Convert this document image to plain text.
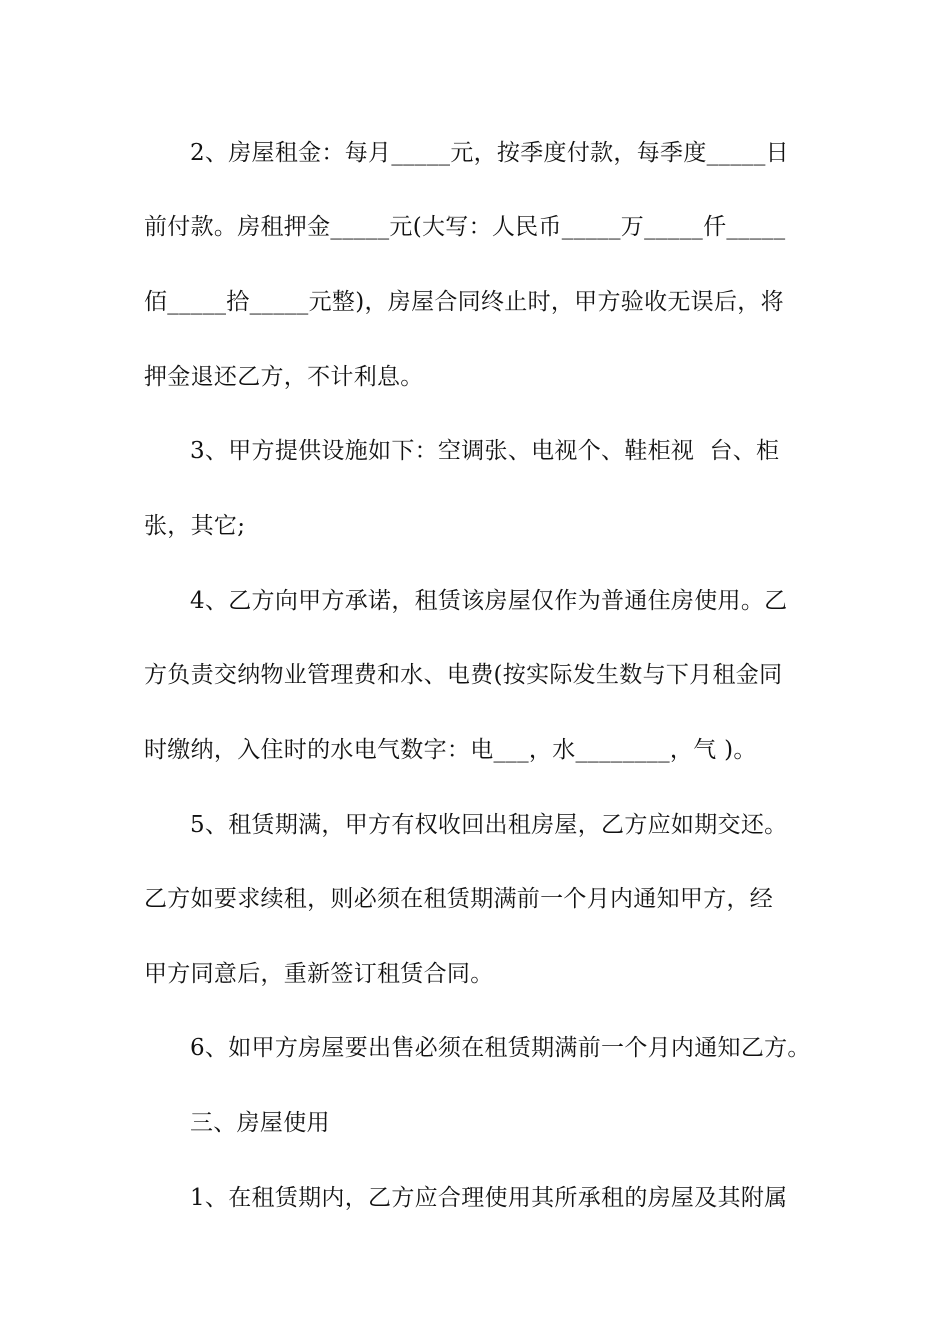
2、房屋租金：每月_____元，按季度付款，每季度_____日
前付款。房租押金_____元(大写：人民币_____万_____仟_____
佰_____拾_____元整)，房屋合同终止时，甲方验收无误后，将
押金退还乙方，不计利息。
3、甲方提供设施如下：空调张、电视个、鞋柜视  台、柜
张，其它;
4、乙方向甲方承诺，租赁该房屋仅作为普通住房使用。乙
方负责交纳物业管理费和水、电费(按实际发生数与下月租金同
时缴纳，入住时的水电气数字：电___，水________，气 )。
5、租赁期满，甲方有权收回出租房屋，乙方应如期交还。
乙方如要求续租，则必须在租赁期满前一个月内通知甲方，经
甲方同意后，重新签订租赁合同。
6、如甲方房屋要出售必须在租赁期满前一个月内通知乙方。
三、房屋使用
1、在租赁期内，乙方应合理使用其所承租的房屋及其附属
